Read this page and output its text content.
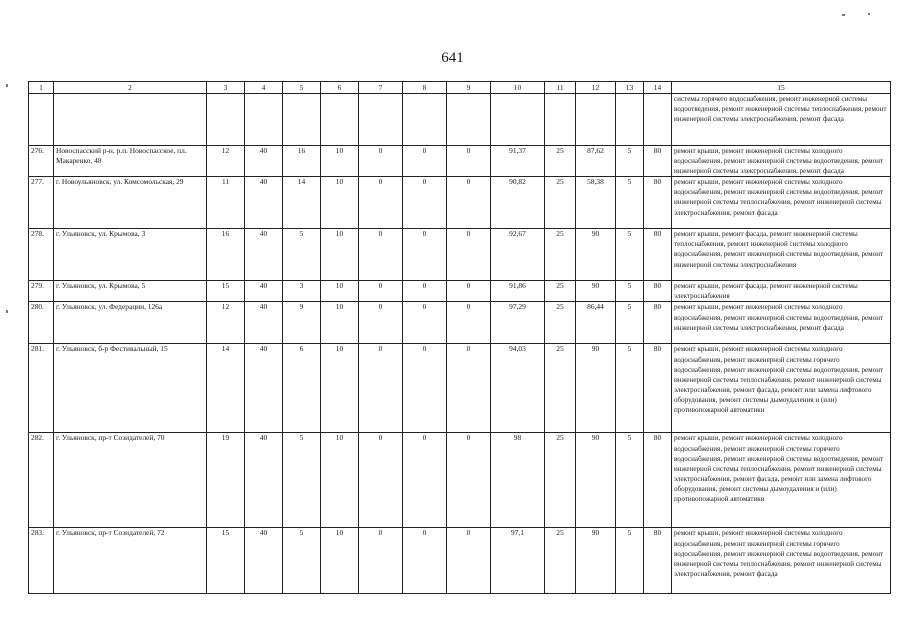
641
1	2	3	4	5	6	7	8	9	10	11	12	13	14	15
														системы горячего водоснабжения, ремонт инженерной системы водоотведения, ремонт инженерной системы теплоснабжения, ремонт инженерной системы электроснабжения, ремонт фасада
276.	Новоспасский р-н, р.п. Новоспасское, пл. Макаренко, 48	12	40	16	10	0	0	0	91,37	25	87,62	5	80	ремонт крыши, ремонт инженерной системы холодного водоснабжения, ремонт инженерной системы водоотведения, ремонт инженерной системы электроснабжения, ремонт фасада
277.	г. Новоульяновск, ул. Комсомольская, 29	11	40	14	10	0	0	0	90,82	25	58,38	5	80	ремонт крыши, ремонт инженерной системы холодного водоснабжения, ремонт инженерной системы водоотведения, ремонт инженерной системы теплоснабжения, ремонт инженерной системы электроснабжения, ремонт фасада
278.	г. Ульяновск, ул. Крымова, 3	16	40	5	10	0	0	0	92,67	25	90	5	80	ремонт крыши, ремонт фасада, ремонт инженерной системы теплоснабжения, ремонт инженерной системы холодного водоснабжения, ремонт инженерной системы водоотведения, ремонт инженерной системы электроснабжения
279.	г. Ульяновск, ул. Крымова, 5	15	40	3	10	0	0	0	91,86	25	90	5	80	ремонт крыши, ремонт фасада, ремонт инженерной системы электроснабжения
280.	г. Ульяновск, ул. Федерации, 126а	12	40	9	10	0	0	0	97,29	25	86,44	5	80	ремонт крыши, ремонт инженерной системы холодного водоснабжения, ремонт инженерной системы водоотведения, ремонт инженерной системы электроснабжения, ремонт фасада
281.	г. Ульяновск, б-р Фестивальный, 15	14	40	6	10	0	0	0	94,03	25	90	5	80	ремонт крыши, ремонт инженерной системы холодного водоснабжения, ремонт инженерной системы горячего водоснабжения, ремонт инженерной системы водоотведения, ремонт инженерной системы теплоснабжения, ремонт инженерной системы электроснабжения, ремонт фасада, ремонт или замена лифтового оборудования, ремонт системы дымоудаления и (или) противопожарной автоматики
282.	г. Ульяновск, пр-т Созидателей, 70	19	40	5	10	0	0	0	98	25	90	5	80	ремонт крыши, ремонт инженерной системы холодного водоснабжения, ремонт инженерной системы горячего водоснабжения, ремонт инженерной системы водоотведения, ремонт инженерной системы теплоснабжения, ремонт инженерной системы электроснабжения, ремонт фасада, ремонт или замена лифтового оборудования, ремонт системы дымоудаления и (или) противопожарной автоматики
283.	г. Ульяновск, пр-т Созидателей, 72	15	40	5	10	0	0	0	97,1	25	90	5	80	ремонт крыши, ремонт инженерной системы холодного водоснабжения, ремонт инженерной системы горячего водоснабжения, ремонт инженерной системы водоотведения, ремонт инженерной системы теплоснабжения, ремонт инженерной системы электроснабжения, ремонт фасада
